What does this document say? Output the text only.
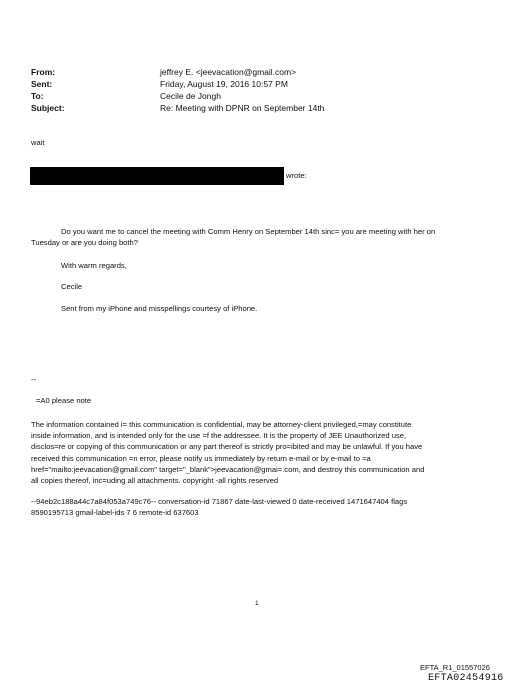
From:	jeffrey E. <jeevacation@gmail.com>
Sent:	Friday, August 19, 2016 10:57 PM
To:	Cecile de Jongh
Subject:	Re: Meeting with DPNR on September 14th
wait
wrote:
Do you want me to cancel the meeting with Comm Henry on September 14th sinc= you are meeting with her on
Tuesday or are you doing both?
With warm regards,
Cecile
Sent from my iPhone and misspellings courtesy of iPhone.
--
=A0 please note
The information contained i= this communication is confidential, may be attorney-client privileged,=may constitute
inside information, and is intended only for the use =f the addressee. It is the property of JEE Unauthorized use,
disclos=re or copying of this communication or any part thereof is strictly pro=ibited and may be unlawful. If you have
received this communication =n error, please notify us immediately by return e-mail or by e-mail to =a
href="mailto:jeevacation@gmail.com" target="_blank">jeevacation@gmai=.com, and destroy this communication and
all copies thereof, inc=uding all attachments. copyright -all rights reserved
--94eb2c188a44c7a84f053a749c76-- conversation-id 71867 date-last-viewed 0 date-received 1471647404 flags
8590195713 gmail-label-ids 7 6 remote-id 637603
1
EFTA_R1_01557026
EFTA02454916
